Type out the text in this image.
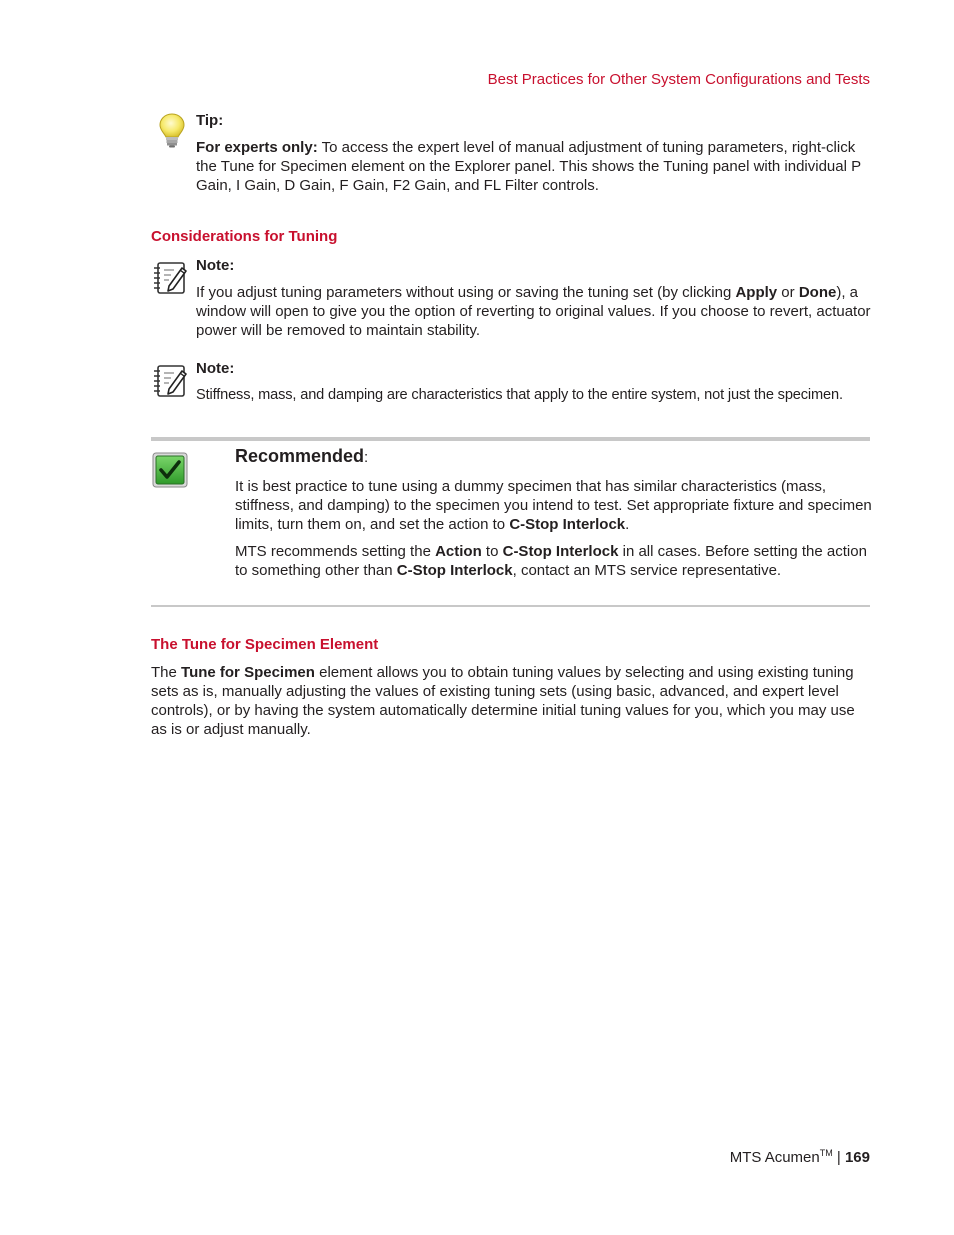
Best Practices for Other System Configurations and Tests
Tip:
For experts only: To access the expert level of manual adjustment of tuning parameters, right-click the Tune for Specimen element on the Explorer panel. This shows the Tuning panel with individual P Gain, I Gain, D Gain, F Gain, F2 Gain, and FL Filter controls.
Considerations for Tuning
Note:
If you adjust tuning parameters without using or saving the tuning set (by clicking Apply or Done), a window will open to give you the option of reverting to original values. If you choose to revert, actuator power will be removed to maintain stability.
Note:
Stiffness, mass, and damping are characteristics that apply to the entire system, not just the specimen.
Recommended:
It is best practice to tune using a dummy specimen that has similar characteristics (mass, stiffness, and damping) to the specimen you intend to test. Set appropriate fixture and specimen limits, turn them on, and set the action to C-Stop Interlock.
MTS recommends setting the Action to C-Stop Interlock in all cases. Before setting the action to something other than C-Stop Interlock, contact an MTS service representative.
The Tune for Specimen Element
The Tune for Specimen element allows you to obtain tuning values by selecting and using existing tuning sets as is, manually adjusting the values of existing tuning sets (using basic, advanced, and expert level controls), or by having the system automatically determine initial tuning values for you, which you may use as is or adjust manually.
MTS Acumen™ | 169
